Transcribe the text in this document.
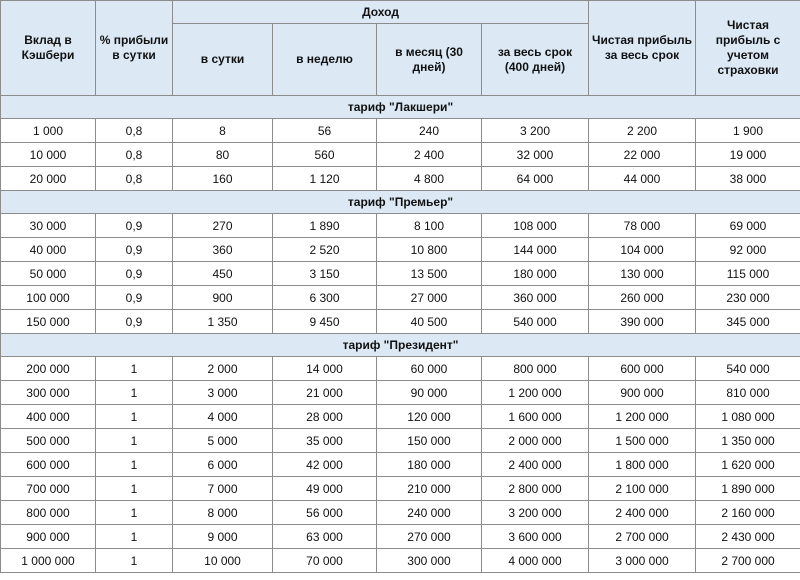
Вклад в Кэшбери	% прибыли в сутки	Доход				Чистая прибыль за весь срок	Чистая прибыль с учетом страховки
		в сутки	в неделю	в месяц (30 дней)	за весь срок (400 дней)		
тариф "Лакшери"							
1 000	0,8	8	56	240	3 200	2 200	1 900
10 000	0,8	80	560	2 400	32 000	22 000	19 000
20 000	0,8	160	1 120	4 800	64 000	44 000	38 000
тариф "Премьер"							
30 000	0,9	270	1 890	8 100	108 000	78 000	69 000
40 000	0,9	360	2 520	10 800	144 000	104 000	92 000
50 000	0,9	450	3 150	13 500	180 000	130 000	115 000
100 000	0,9	900	6 300	27 000	360 000	260 000	230 000
150 000	0,9	1 350	9 450	40 500	540 000	390 000	345 000
тариф "Президент"							
200 000	1	2 000	14 000	60 000	800 000	600 000	540 000
300 000	1	3 000	21 000	90 000	1 200 000	900 000	810 000
400 000	1	4 000	28 000	120 000	1 600 000	1 200 000	1 080 000
500 000	1	5 000	35 000	150 000	2 000 000	1 500 000	1 350 000
600 000	1	6 000	42 000	180 000	2 400 000	1 800 000	1 620 000
700 000	1	7 000	49 000	210 000	2 800 000	2 100 000	1 890 000
800 000	1	8 000	56 000	240 000	3 200 000	2 400 000	2 160 000
900 000	1	9 000	63 000	270 000	3 600 000	2 700 000	2 430 000
1 000 000	1	10 000	70 000	300 000	4 000 000	3 000 000	2 700 000
